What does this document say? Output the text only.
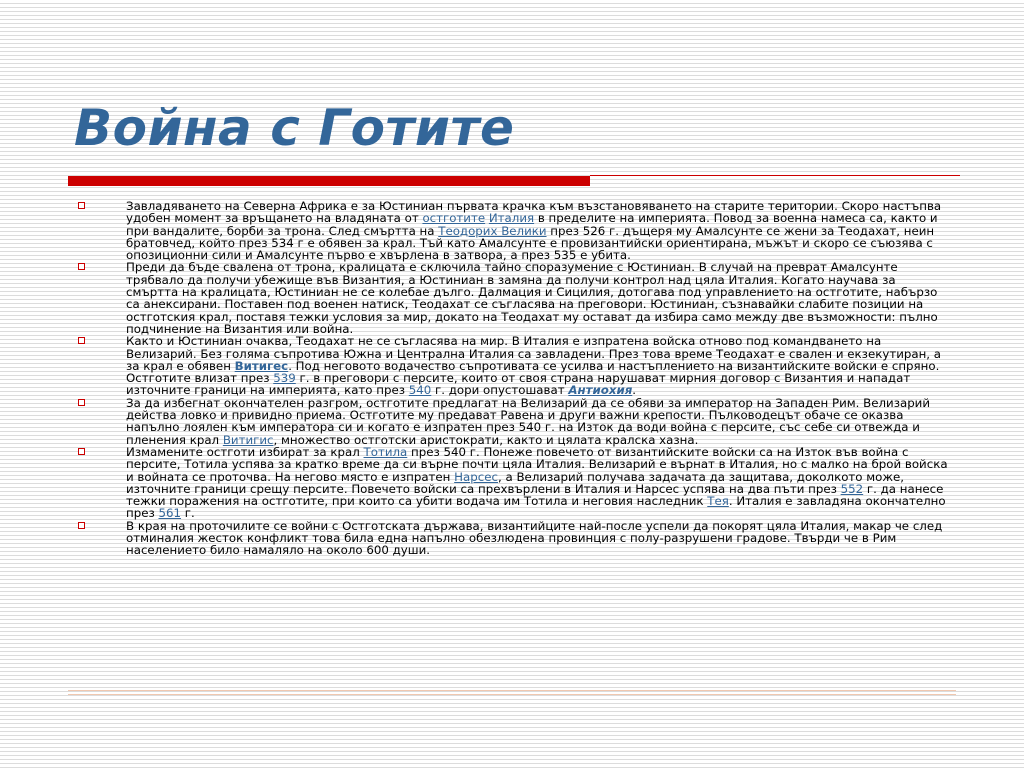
Война с Готите
Завладяването на Северна Африка е за Юстиниан първата крачка към възстановяването на старите територии. Скоро настъпва удобен момент за връщането на владяната от остготите Италия в пределите на империята. Повод за военна намеса са, както и при вандалите, борби за трона. След смъртта на Теодорих Велики през 526 г. дъщеря му Амалсунте се жени за Теодахат, неин братовчед, който през 534 г е обявен за крал. Тъй като Амалсунте е провизантийски ориентирана, мъжът и скоро се съюзява с опозиционни сили и Амалсунте първо е хвърлена в затвора, а през 535 е убита.
Преди да бъде свалена от трона, кралицата е сключила тайно споразумение с Юстиниан. В случай на преврат Амалсунте трябвало да получи убежище във Византия, а Юстиниан в замяна да получи контрол над цяла Италия. Когато научава за смъртта на кралицата, Юстиниан не се колебае дълго. Далмация и Сицилия, дотогава под управлението на остготите, набързо са анексирани. Поставен под военен натиск, Теодахат се съгласява на преговори. Юстиниан, съзнавайки слабите позиции на остготския крал, поставя тежки условия за мир, докато на Теодахат му остават да избира само между две възможности: пълно подчинение на Византия или война.
Както и Юстиниан очаква, Теодахат не се съгласява на мир. В Италия е изпратена войска отново под командването на Велизарий. Без голяма съпротива Южна и Централна Италия са завладени. През това време Теодахат е свален и екзекутиран, а за крал е обявен Витигес. Под неговото водачество съпротивата се усилва и настъплението на византийските войски е спряно. Остготите влизат през 539 г. в преговори с персите, които от своя страна нарушават мирния договор с Византия и нападат източните граници на империята, като през 540 г. дори опустошават Антиохия.
За да избегнат окончателен разгром, остготите предлагат на Велизарий да се обяви за император на Западен Рим. Велизарий действа ловко и привидно приема. Остготите му предават Равена и други важни крепости. Пълководецът обаче се оказва напълно лоялен към императора си и когато е изпратен през 540 г. на Изток да води война с персите, със себе си отвежда и пленения крал Витигис, множество остготски аристократи, както и цялата кралска хазна.
Измамените остготи избират за крал Тотила през 540 г. Понеже повечето от византийските войски са на Изток във война с персите, Тотила успява за кратко време да си върне почти цяла Италия. Велизарий е върнат в Италия, но с малко на брой войска и войната се проточва. На негово място е изпратен Нарсес, а Велизарий получава задачата да защитава, доколкото може, източните граници срещу персите. Повечето войски са прехвърлени в Италия и Нарсес успява на два пъти през 552 г. да нанесе тежки поражения на остготите, при които са убити водача им Тотила и неговия наследник Тея. Италия е завладяна окончателно през 561 г.
В края на проточилите се войни с Остготската държава, византийците най-после успели да покорят цяла Италия, макар че след отминалия жесток конфликт това била една напълно обезлюдена провинция с полу-разрушени градове. Твърди че в Рим населението било намаляло на около 600 души.
